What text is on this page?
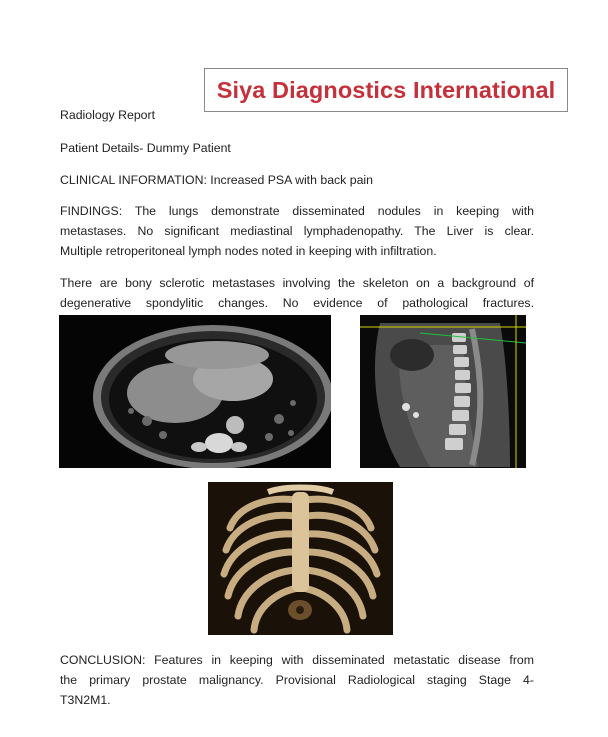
Siya Diagnostics International
Radiology Report
Patient Details- Dummy Patient
CLINICAL INFORMATION: Increased PSA with back pain
FINDINGS: The lungs demonstrate disseminated nodules in keeping with
metastases. No significant mediastinal lymphadenopathy. The Liver is clear.
Multiple retroperitoneal lymph nodes noted in keeping with infiltration.
There are bony sclerotic metastases involving the skeleton on a background of
degenerative spondylitic changes. No evidence of pathological fractures.
CONCLUSION: Features in keeping with disseminated metastatic disease from
the primary prostate malignancy. Provisional Radiological staging Stage 4-
T3N2M1.
